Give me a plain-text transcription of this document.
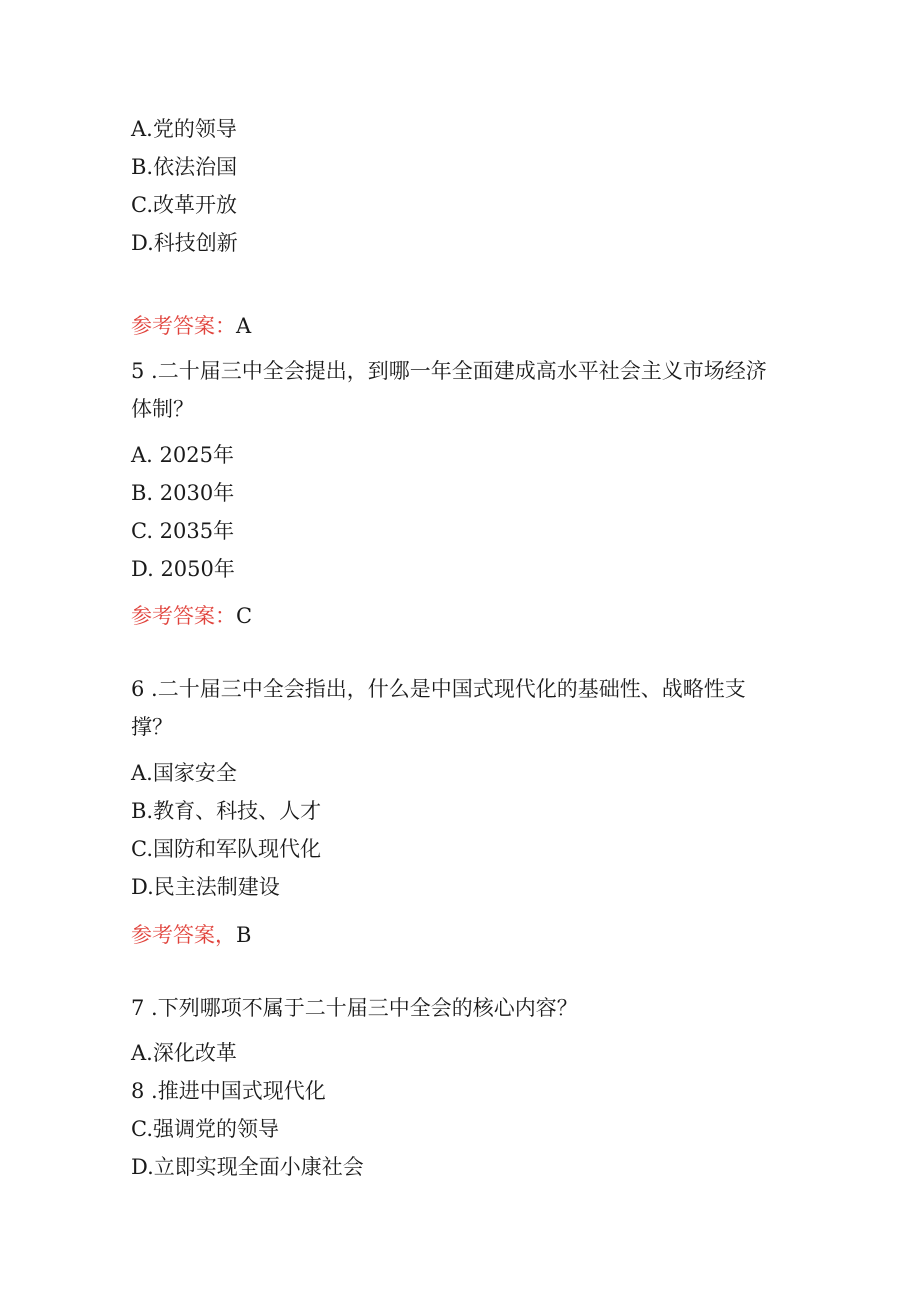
A.党的领导
B.依法治国
C.改革开放
D.科技创新
参考答案：A
5 .二十届三中全会提出，到哪一年全面建成高水平社会主义市场经济
体制？
A. 2025年
B. 2030年
C. 2035年
D. 2050年
参考答案：C
6 .二十届三中全会指出，什么是中国式现代化的基础性、战略性支
撑？
A.国家安全
B.教育、科技、人才
C.国防和军队现代化
D.民主法制建设
参考答案，B
7 .下列哪项不属于二十届三中全会的核心内容？
A.深化改革
8 .推进中国式现代化
C.强调党的领导
D.立即实现全面小康社会
